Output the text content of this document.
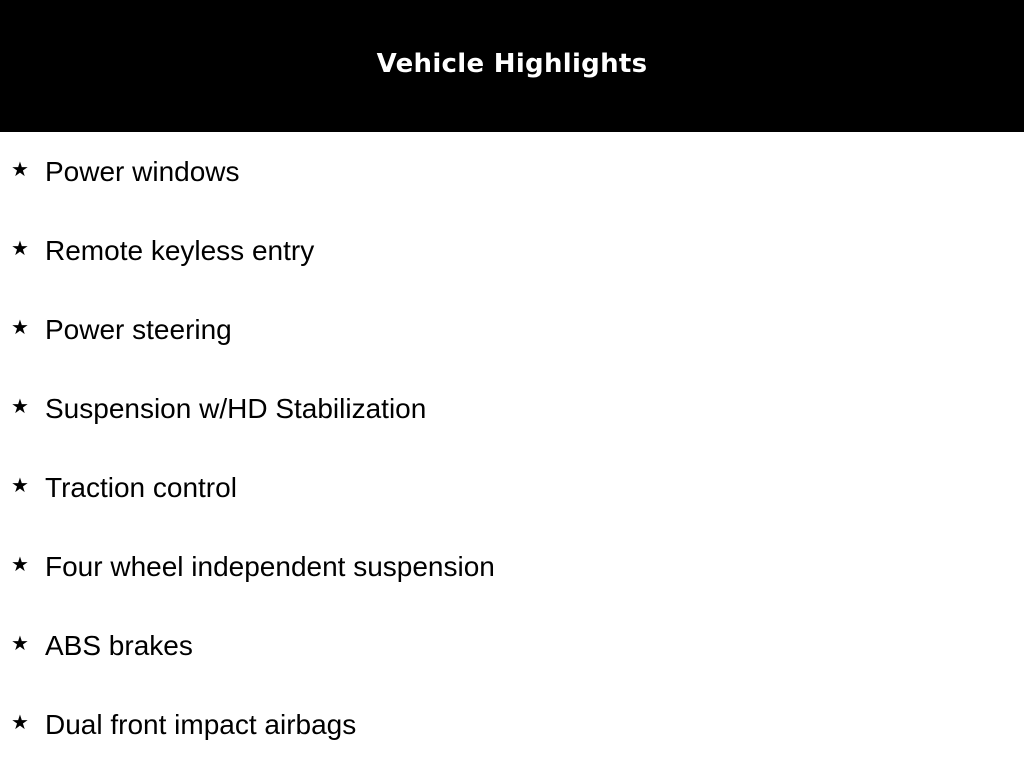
Vehicle Highlights
★ Power windows
★ Remote keyless entry
★ Power steering
★ Suspension w/HD Stabilization
★ Traction control
★ Four wheel independent suspension
★ ABS brakes
★ Dual front impact airbags
